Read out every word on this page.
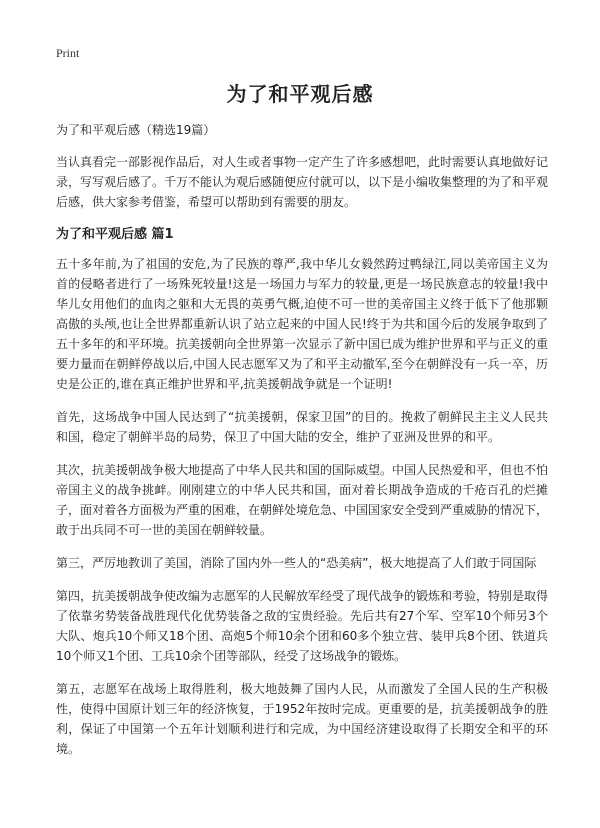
Print
为了和平观后感

为了和平观后感（精选19篇）

当认真看完一部影视作品后，对人生或者事物一定产生了许多感想吧，此时需要认真地做好记录，写写观后感了。千万不能认为观后感随便应付就可以，以下是小编收集整理的为了和平观后感，供大家参考借鉴，希望可以帮助到有需要的朋友。

为了和平观后感 篇1

五十多年前,为了祖国的安危,为了民族的尊严,我中华儿女毅然跨过鸭绿江,同以美帝国主义为首的侵略者进行了一场殊死较量!这是一场国力与军力的较量,更是一场民族意志的较量!我中华儿女用他们的血肉之躯和大无畏的英勇气概,迫使不可一世的美帝国主义终于低下了他那颗高傲的头颅,也让全世界都重新认识了站立起来的中国人民!终于为共和国今后的发展争取到了五十多年的和平环境。抗美援朝向全世界第一次显示了新中国已成为维护世界和平与正义的重要力量而在朝鲜停战以后,中国人民志愿军又为了和平主动撤军,至今在朝鲜没有一兵一卒，历史是公正的,谁在真正维护世界和平,抗美援朝战争就是一个证明!

首先，这场战争中国人民达到了“抗美援朝，保家卫国”的目的。挽救了朝鲜民主主义人民共和国，稳定了朝鲜半岛的局势，保卫了中国大陆的安全，维护了亚洲及世界的和平。

其次，抗美援朝战争极大地提高了中华人民共和国的国际威望。中国人民热爱和平，但也不怕帝国主义的战争挑衅。刚刚建立的中华人民共和国，面对着长期战争造成的千疮百孔的烂摊子，面对着各方面极为严重的困难，在朝鲜处境危急、中国国家安全受到严重威胁的情况下，敢于出兵同不可一世的美国在朝鲜较量。

第三，严厉地教训了美国，消除了国内外一些人的“恐美病”，极大地提高了人们敢于同国际

第四，抗美援朝战争使改编为志愿军的人民解放军经受了现代战争的锻炼和考验，特别是取得了依靠劣势装备战胜现代化优势装备之敌的宝贵经验。先后共有27个军、空军10个师另3个大队、炮兵10个师又18个团、高炮5个师10余个团和60多个独立营、装甲兵8个团、铁道兵10个师又1个团、工兵10余个团等部队，经受了这场战争的锻炼。

第五，志愿军在战场上取得胜利，极大地鼓舞了国内人民，从而激发了全国人民的生产积极性，使得中国原计划三年的经济恢复，于1952年按时完成。更重要的是，抗美援朝战争的胜利，保证了中国第一个五年计划顺利进行和完成，为中国经济建设取得了长期安全和平的环境。
